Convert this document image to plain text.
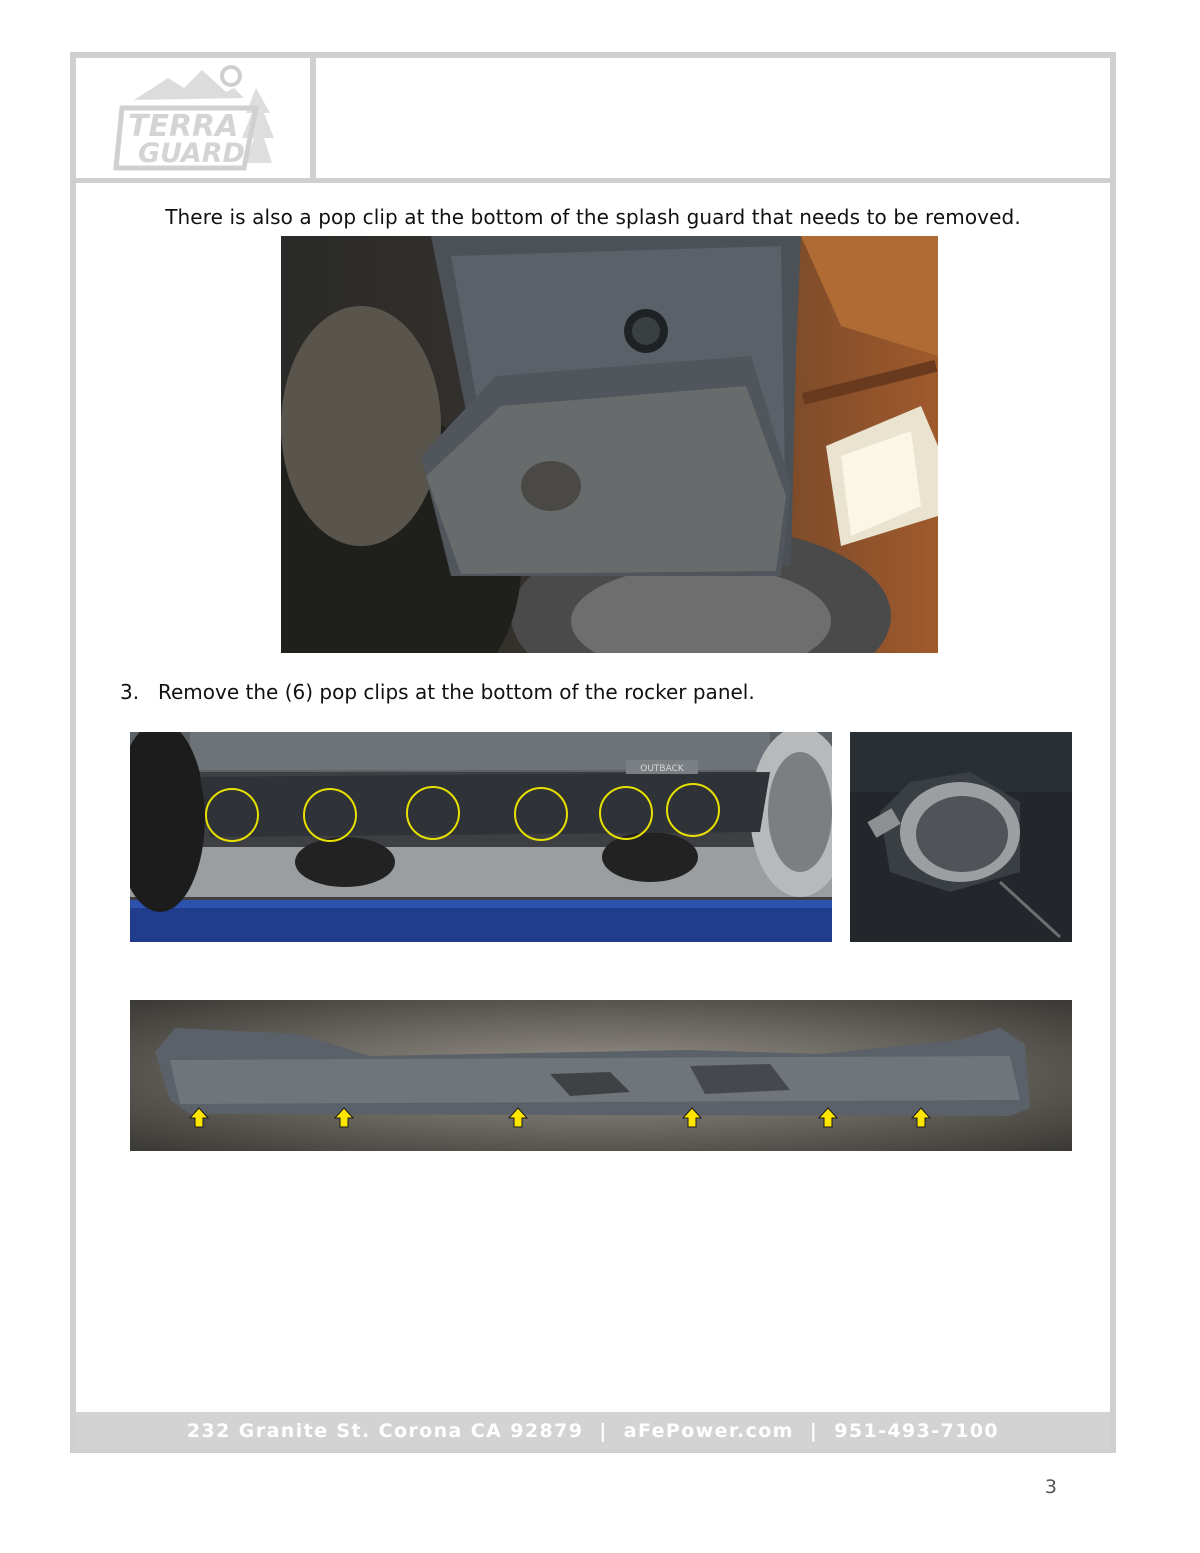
TERRA
GUARD
There is also a pop clip at the bottom of the splash guard that needs to be removed.
3. Remove the (6) pop clips at the bottom of the rocker panel.
OUTBACK
232 Granite St. Corona CA 92879  |  aFePower.com  |  951-493-7100
3
